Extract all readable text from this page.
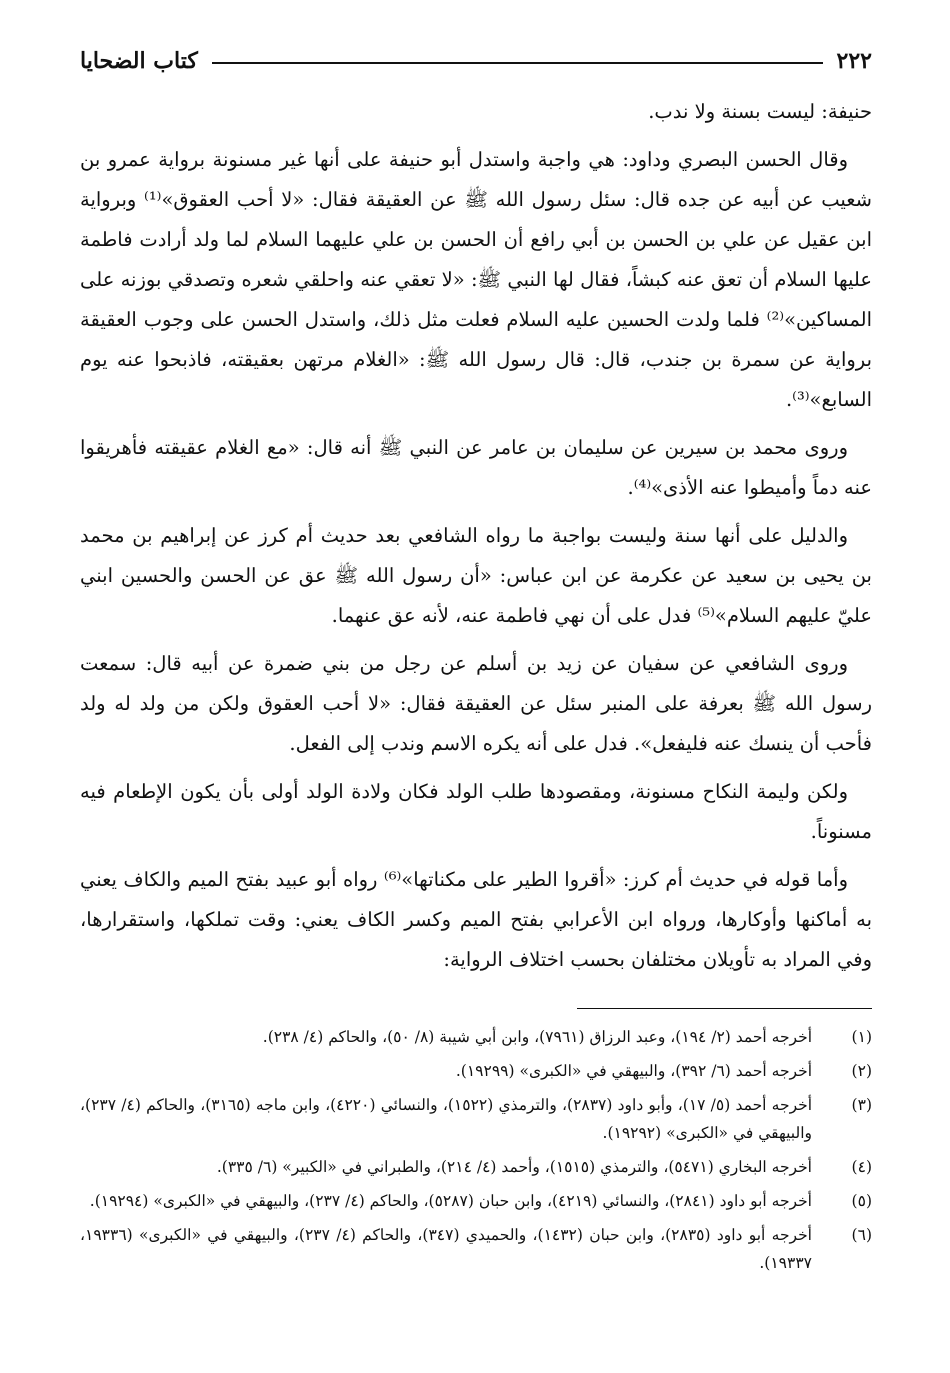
٢٢٢
كتاب الضحايا

حنيفة: ليست بسنة ولا ندب.

وقال الحسن البصري وداود: هي واجبة واستدل أبو حنيفة على أنها غير مسنونة برواية عمرو بن شعيب عن أبيه عن جده قال: سئل رسول الله ﷺ عن العقيقة فقال: «لا أحب العقوق»⁽¹⁾ وبرواية ابن عقيل عن علي بن الحسن بن أبي رافع أن الحسن بن علي عليهما السلام لما ولد أرادت فاطمة عليها السلام أن تعق عنه كبشاً، فقال لها النبي ﷺ: «لا تعقي عنه واحلقي شعره وتصدقي بوزنه على المساكين»⁽²⁾ فلما ولدت الحسين عليه السلام فعلت مثل ذلك، واستدل الحسن على وجوب العقيقة برواية عن سمرة بن جندب، قال: قال رسول الله ﷺ: «الغلام مرتهن بعقيقته، فاذبحوا عنه يوم السابع»⁽³⁾.

وروى محمد بن سيرين عن سليمان بن عامر عن النبي ﷺ أنه قال: «مع الغلام عقيقته فأهريقوا عنه دماً وأميطوا عنه الأذى»⁽⁴⁾.

والدليل على أنها سنة وليست بواجبة ما رواه الشافعي بعد حديث أم كرز عن إبراهيم بن محمد بن يحيى بن سعيد عن عكرمة عن ابن عباس: «أن رسول الله ﷺ عق عن الحسن والحسين ابني عليّ عليهم السلام»⁽⁵⁾ فدل على أن نهي فاطمة عنه، لأنه عق عنهما.

وروى الشافعي عن سفيان عن زيد بن أسلم عن رجل من بني ضمرة عن أبيه قال: سمعت رسول الله ﷺ بعرفة على المنبر سئل عن العقيقة فقال: «لا أحب العقوق ولكن من ولد له ولد فأحب أن ينسك عنه فليفعل». فدل على أنه يكره الاسم وندب إلى الفعل.

ولكن وليمة النكاح مسنونة، ومقصودها طلب الولد فكان ولادة الولد أولى بأن يكون الإطعام فيه مسنوناً.

وأما قوله في حديث أم كرز: «أقروا الطير على مكناتها»⁽⁶⁾ رواه أبو عبيد بفتح الميم والكاف يعني به أماكنها وأوكارها، ورواه ابن الأعرابي بفتح الميم وكسر الكاف يعني: وقت تملكها، واستقرارها، وفي المراد به تأويلان مختلفان بحسب اختلاف الرواية:

(١)
أخرجه أحمد (٢/ ١٩٤)، وعبد الرزاق (٧٩٦١)، وابن أبي شيبة (٨/ ٥٠)، والحاكم (٤/ ٢٣٨).
(٢)
أخرجه أحمد (٦/ ٣٩٢)، والبيهقي في «الكبرى» (١٩٢٩٩).
(٣)
أخرجه أحمد (٥/ ١٧)، وأبو داود (٢٨٣٧)، والترمذي (١٥٢٢)، والنسائي (٤٢٢٠)، وابن ماجه (٣١٦٥)، والحاكم (٤/ ٢٣٧)، والبيهقي في «الكبرى» (١٩٢٩٢).
(٤)
أخرجه البخاري (٥٤٧١)، والترمذي (١٥١٥)، وأحمد (٤/ ٢١٤)، والطبراني في «الكبير» (٦/ ٣٣٥).
(٥)
أخرجه أبو داود (٢٨٤١)، والنسائي (٤٢١٩)، وابن حبان (٥٢٨٧)، والحاكم (٤/ ٢٣٧)، والبيهقي في «الكبرى» (١٩٢٩٤).
(٦)
أخرجه أبو داود (٢٨٣٥)، وابن حبان (١٤٣٢)، والحميدي (٣٤٧)، والحاكم (٤/ ٢٣٧)، والبيهقي في «الكبرى» (١٩٣٣٦، ١٩٣٣٧).
